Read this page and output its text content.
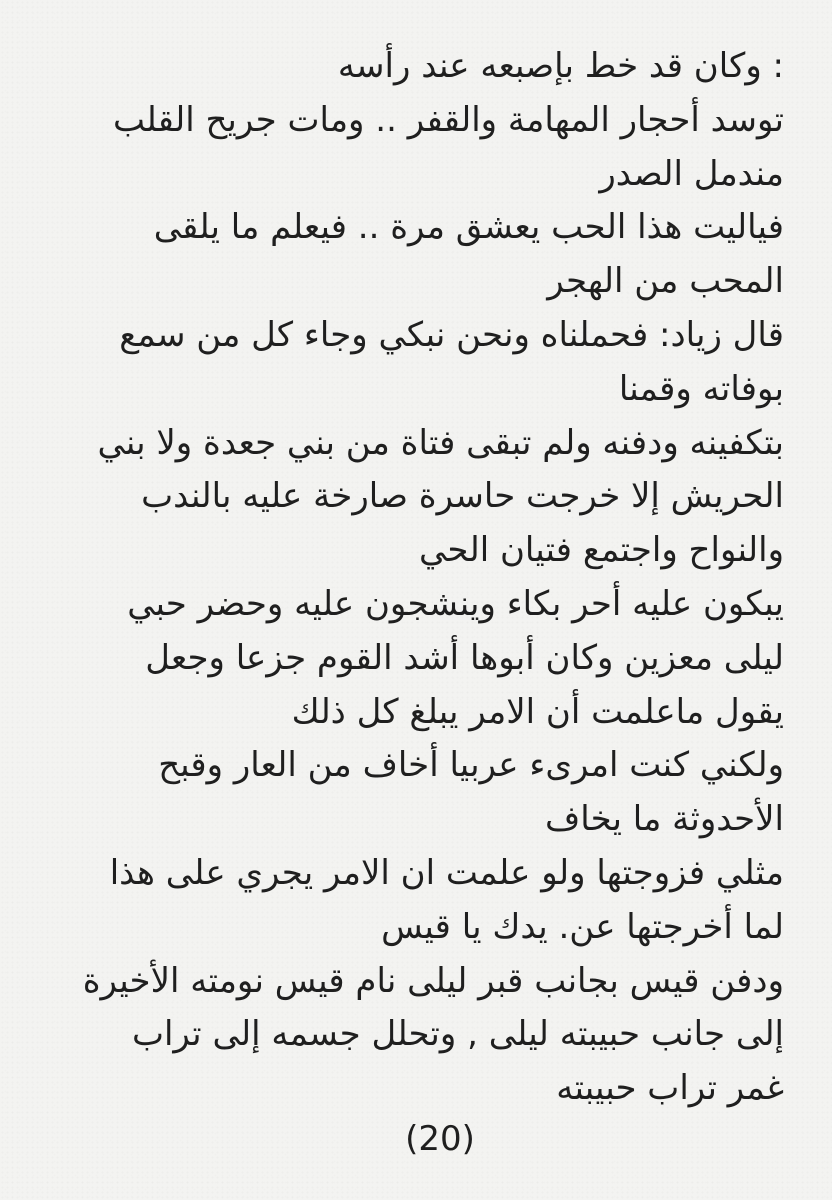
: وكان قد خط بإصبعه عند رأسه
توسد أحجار المهامة والقفر .. ومات جريح القلب
مندمل الصدر
فياليت هذا الحب يعشق مرة .. فيعلم ما يلقى
المحب من الهجر
قال زياد: فحملناه ونحن نبكي وجاء كل من سمع
بوفاته وقمنا
بتكفينه ودفنه ولم تبقى فتاة من بني جعدة ولا بني
الحريش إلا خرجت حاسرة صارخة عليه بالندب
والنواح واجتمع فتيان الحي
يبكون عليه أحر بكاء وينشجون عليه وحضر حبي
ليلى معزين وكان أبوها أشد القوم جزعا وجعل
يقول ماعلمت أن الامر يبلغ كل ذلك
ولكني كنت امرىء عربيا أخاف من العار وقبح
الأحدوثة ما يخاف
مثلي فزوجتها ولو علمت ان الامر يجري على هذا
لما أخرجتها عن. يدك يا قيس
ودفن قيس بجانب قبر ليلى نام قيس نومته الأخيرة
إلى جانب حبيبته ليلى , وتحلل جسمه إلى تراب
غمر تراب حبيبته
(20)
